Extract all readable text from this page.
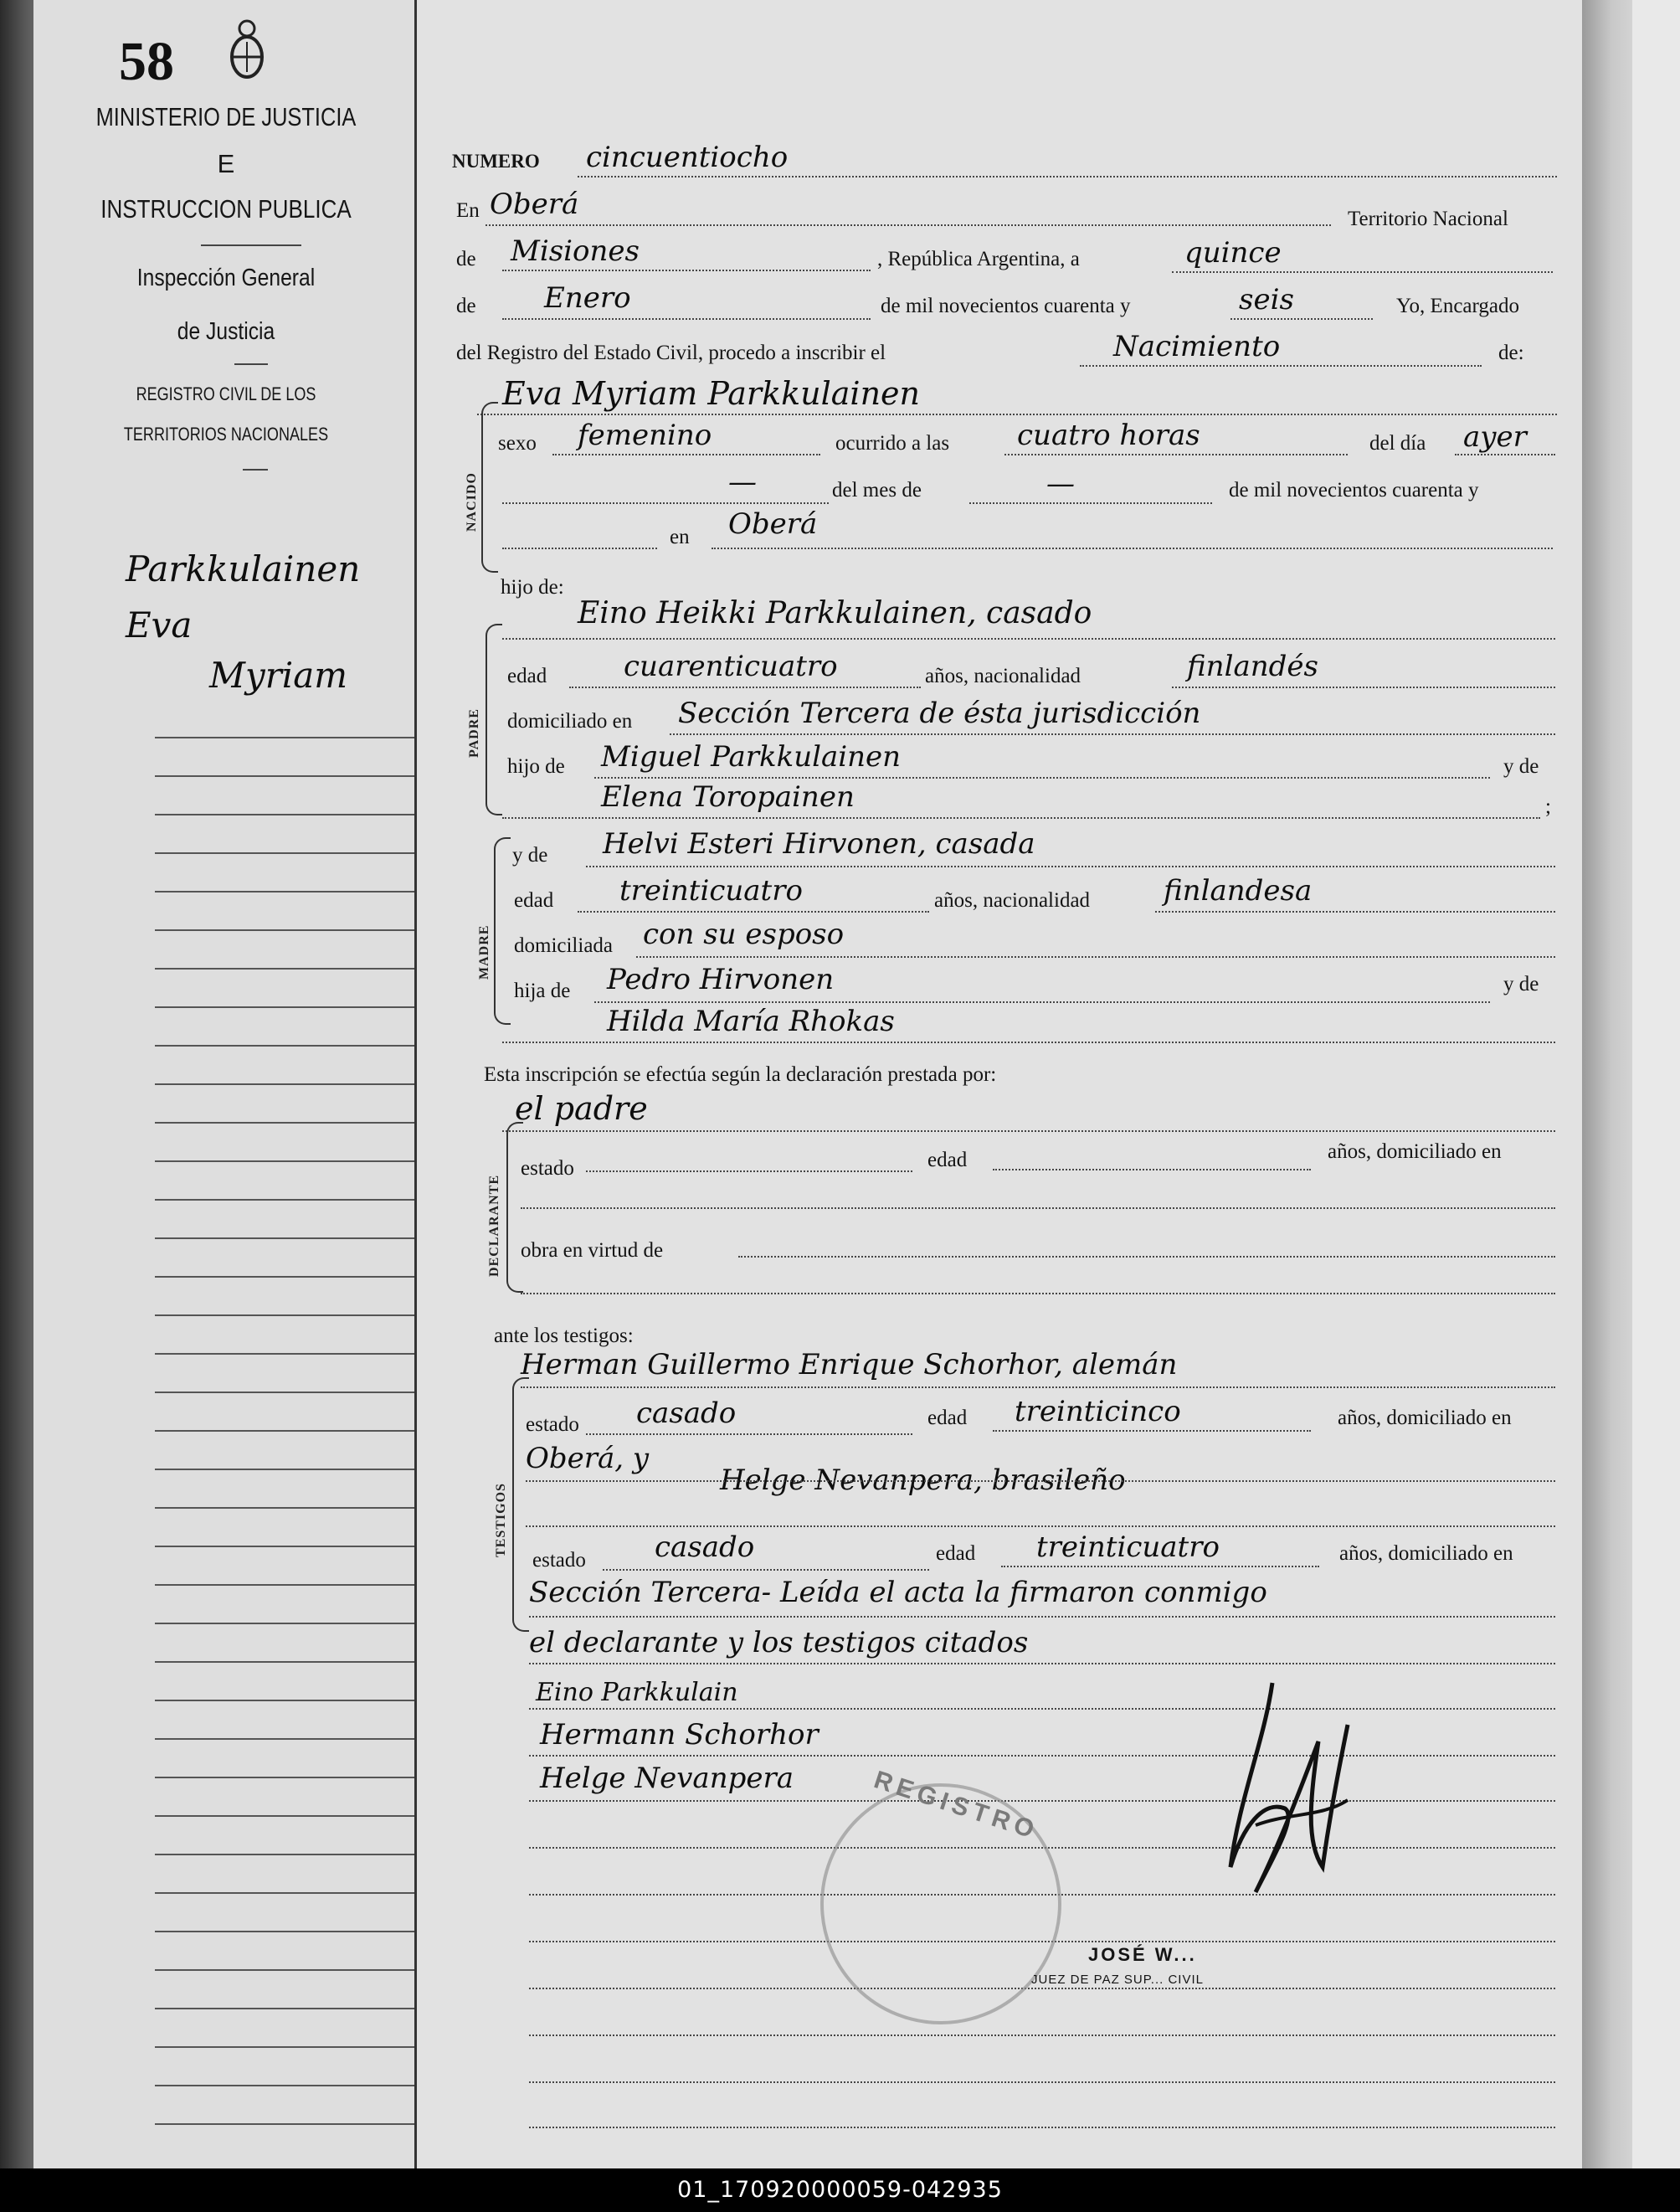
58
MINISTERIO DE JUSTICIA
E
INSTRUCCION PUBLICA
Inspección General
de Justicia
REGISTRO CIVIL DE LOS
TERRITORIOS NACIONALES
Parkkulainen
Eva
Myriam
NUMERO cincuentiocho
En Oberá	Territorio Nacional
de Misiones	, República Argentina, a	quince
de Enero	de mil novecientos cuarenta y	seis	Yo, Encargado
del Registro del Estado Civil, procedo a inscribir el	Nacimiento	de:
Eva Myriam Parkkulainen
NACIDO
sexo femenino	ocurrido a las cuatro horas	del día ayer
—	del mes de	—	de mil novecientos cuarenta y
en Oberá
hijo de:
Eino Heikki Parkkulainen, casado
PADRE
edad	cuarenticuatro	años, nacionalidad	finlandés
domiciliado en Sección Tercera de ésta jurisdicción
hijo de Miguel Parkkulainen	y de
Elena Toropainen	;
MADRE
y de Helvi Esteri Hirvonen, casada
edad treinticuatro	años, nacionalidad	finlandesa
domiciliada con su esposo
hija de Pedro Hirvonen	y de
Hilda María Rhokas
Esta inscripción se efectúa según la declaración prestada por:
el padre
DECLARANTE
estado	edad	años, domiciliado en
obra en virtud de
ante los testigos:
Herman Guillermo Enrique Schorhor, alemán
TESTIGOS
estado casado	edad treinticinco	años, domiciliado en
Oberá, y
Helge Nevanpera, brasileño
estado casado	edad treinticuatro	años, domiciliado en
Sección Tercera- Leída el acta la firmaron conmigo
el declarante y los testigos citados
Eino Parkkulain
Hermann Schorhor
Helge Nevanpera	REGISTRO
JOSÉ W...
JUEZ DE PAZ SUP... CIVIL
01_170920000059-042935
